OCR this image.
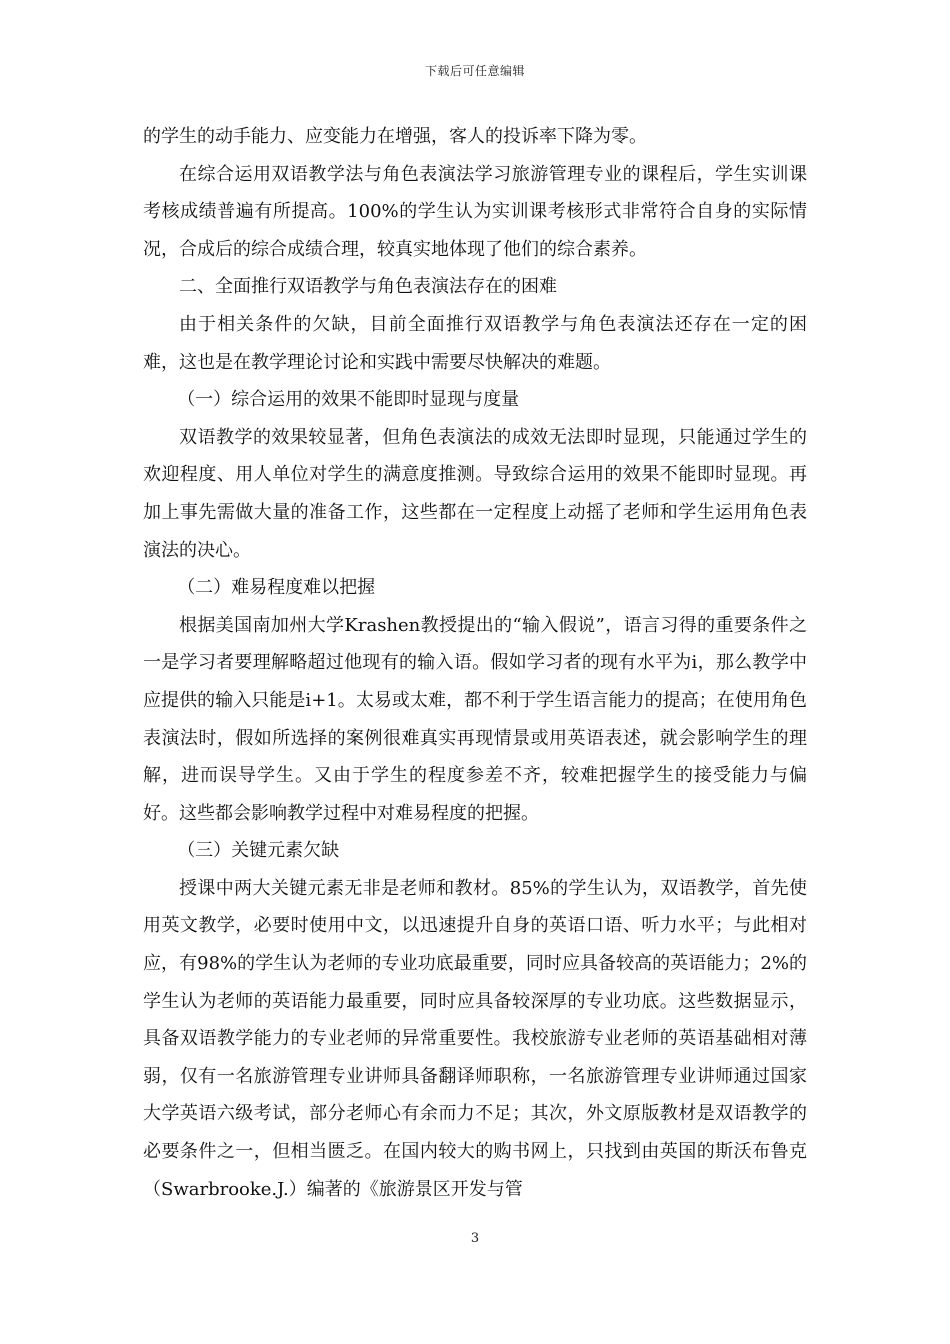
下载后可任意编辑

的学生的动手能力、应变能力在增强，客人的投诉率下降为零。

在综合运用双语教学法与角色表演法学习旅游管理专业的课程后，学生实训课考核成绩普遍有所提高。100%的学生认为实训课考核形式非常符合自身的实际情况，合成后的综合成绩合理，较真实地体现了他们的综合素养。

二、全面推行双语教学与角色表演法存在的困难

由于相关条件的欠缺，目前全面推行双语教学与角色表演法还存在一定的困难，这也是在教学理论讨论和实践中需要尽快解决的难题。

（一）综合运用的效果不能即时显现与度量

双语教学的效果较显著，但角色表演法的成效无法即时显现，只能通过学生的欢迎程度、用人单位对学生的满意度推测。导致综合运用的效果不能即时显现。再加上事先需做大量的准备工作，这些都在一定程度上动摇了老师和学生运用角色表演法的决心。

（二）难易程度难以把握

根据美国南加州大学Krashen教授提出的“输入假说”，语言习得的重要条件之一是学习者要理解略超过他现有的输入语。假如学习者的现有水平为i，那么教学中应提供的输入只能是i+1。太易或太难，都不利于学生语言能力的提高；在使用角色表演法时，假如所选择的案例很难真实再现情景或用英语表述，就会影响学生的理解，进而误导学生。又由于学生的程度参差不齐，较难把握学生的接受能力与偏好。这些都会影响教学过程中对难易程度的把握。

（三）关键元素欠缺

授课中两大关键元素无非是老师和教材。85%的学生认为，双语教学，首先使用英文教学，必要时使用中文，以迅速提升自身的英语口语、听力水平；与此相对应，有98%的学生认为老师的专业功底最重要，同时应具备较高的英语能力；2%的学生认为老师的英语能力最重要，同时应具备较深厚的专业功底。这些数据显示，具备双语教学能力的专业老师的异常重要性。我校旅游专业老师的英语基础相对薄弱，仅有一名旅游管理专业讲师具备翻译师职称，一名旅游管理专业讲师通过国家大学英语六级考试，部分老师心有余而力不足；其次，外文原版教材是双语教学的必要条件之一，但相当匮乏。在国内较大的购书网上，只找到由英国的斯沃布鲁克（Swarbrooke.J.）编著的《旅游景区开发与管

3
